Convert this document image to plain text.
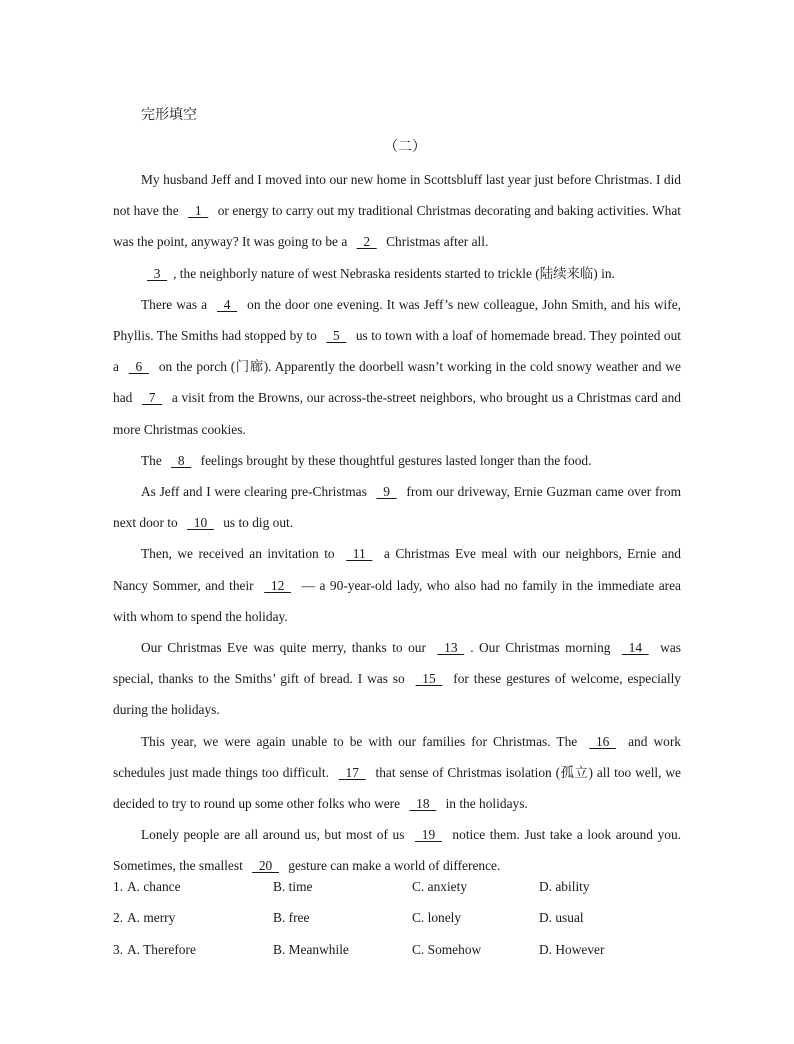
完形填空
（二）

My husband Jeff and I moved into our new home in Scottsbluff last year just before Christmas. I did not have the   1   or energy to carry out my traditional Christmas decorating and baking activities. What was the point, anyway? It was going to be a   2   Christmas after all.

3  , the neighborly nature of west Nebraska residents started to trickle (陆续来临) in.

There was a   4   on the door one evening. It was Jeff’s new colleague, John Smith, and his wife, Phyllis. The Smiths had stopped by to   5   us to town with a loaf of homemade bread. They pointed out a   6   on the porch (门廊). Apparently the doorbell wasn’t working in the cold snowy weather and we had   7   a visit from the Browns, our across-the-street neighbors, who brought us a Christmas card and more Christmas cookies.

The   8   feelings brought by these thoughtful gestures lasted longer than the food.

As Jeff and I were clearing pre-Christmas   9   from our driveway, Ernie Guzman came over from next door to   10   us to dig out.

Then, we received an invitation to   11   a Christmas Eve meal with our neighbors, Ernie and Nancy Sommer, and their   12   — a 90-year-old lady, who also had no family in the immediate area with whom to spend the holiday.

Our Christmas Eve was quite merry, thanks to our   13  . Our Christmas morning   14   was special, thanks to the Smiths’ gift of bread. I was so   15   for these gestures of welcome, especially during the holidays.

This year, we were again unable to be with our families for Christmas. The   16   and work schedules just made things too difficult.   17   that sense of Christmas isolation (孤立) all too well, we decided to try to round up some other folks who were   18   in the holidays.

Lonely people are all around us, but most of us   19   notice them. Just take a look around you. Sometimes, the smallest   20   gesture can make a world of difference.

1. A. chance	B. time	C. anxiety	D. ability
2. A. merry	B. free	C. lonely	D. usual
3. A. Therefore	B. Meanwhile	C. Somehow	D. However
